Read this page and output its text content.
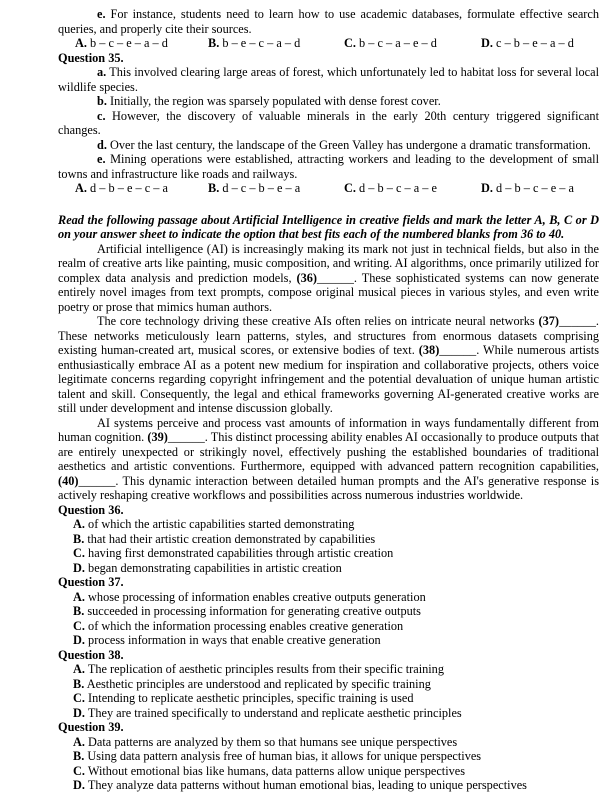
e. For instance, students need to learn how to use academic databases, formulate effective search queries, and properly cite their sources.

A. b – c – e – a – d	B. b – e – c – a – d	C. b – c – a – e – d	D. c – b – e – a – d

Question 35.

a. This involved clearing large areas of forest, which unfortunately led to habitat loss for several local wildlife species.

b. Initially, the region was sparsely populated with dense forest cover.

c. However, the discovery of valuable minerals in the early 20th century triggered significant changes.

d. Over the last century, the landscape of the Green Valley has undergone a dramatic transformation.

e. Mining operations were established, attracting workers and leading to the development of small towns and infrastructure like roads and railways.

A. d – b – e – c – a	B. d – c – b – e – a	C. d – b – c – a – e	D. d – b – c – e – a

Read the following passage about Artificial Intelligence in creative fields and mark the letter A, B, C or D on your answer sheet to indicate the option that best fits each of the numbered blanks from 36 to 40.

Artificial intelligence (AI) is increasingly making its mark not just in technical fields, but also in the realm of creative arts like painting, music composition, and writing. AI algorithms, once primarily utilized for complex data analysis and prediction models, (36)______. These sophisticated systems can now generate entirely novel images from text prompts, compose original musical pieces in various styles, and even write poetry or prose that mimics human authors.

The core technology driving these creative AIs often relies on intricate neural networks (37)______. These networks meticulously learn patterns, styles, and structures from enormous datasets comprising existing human-created art, musical scores, or extensive bodies of text. (38)______. While numerous artists enthusiastically embrace AI as a potent new medium for inspiration and collaborative projects, others voice legitimate concerns regarding copyright infringement and the potential devaluation of unique human artistic talent and skill. Consequently, the legal and ethical frameworks governing AI-generated creative works are still under development and intense discussion globally.

AI systems perceive and process vast amounts of information in ways fundamentally different from human cognition. (39)______. This distinct processing ability enables AI occasionally to produce outputs that are entirely unexpected or strikingly novel, effectively pushing the established boundaries of traditional aesthetics and artistic conventions. Furthermore, equipped with advanced pattern recognition capabilities, (40)______. This dynamic interaction between detailed human prompts and the AI's generative response is actively reshaping creative workflows and possibilities across numerous industries worldwide.

Question 36.

A. of which the artistic capabilities started demonstrating

B. that had their artistic creation demonstrated by capabilities

C. having first demonstrated capabilities through artistic creation

D. began demonstrating capabilities in artistic creation

Question 37.

A. whose processing of information enables creative outputs generation

B. succeeded in processing information for generating creative outputs

C. of which the information processing enables creative generation

D. process information in ways that enable creative generation

Question 38.

A. The replication of aesthetic principles results from their specific training

B. Aesthetic principles are understood and replicated by specific training

C. Intending to replicate aesthetic principles, specific training is used

D. They are trained specifically to understand and replicate aesthetic principles

Question 39.

A. Data patterns are analyzed by them so that humans see unique perspectives

B. Using data pattern analysis free of human bias, it allows for unique perspectives

C. Without emotional bias like humans, data patterns allow unique perspectives

D. They analyze data patterns without human emotional bias, leading to unique perspectives
